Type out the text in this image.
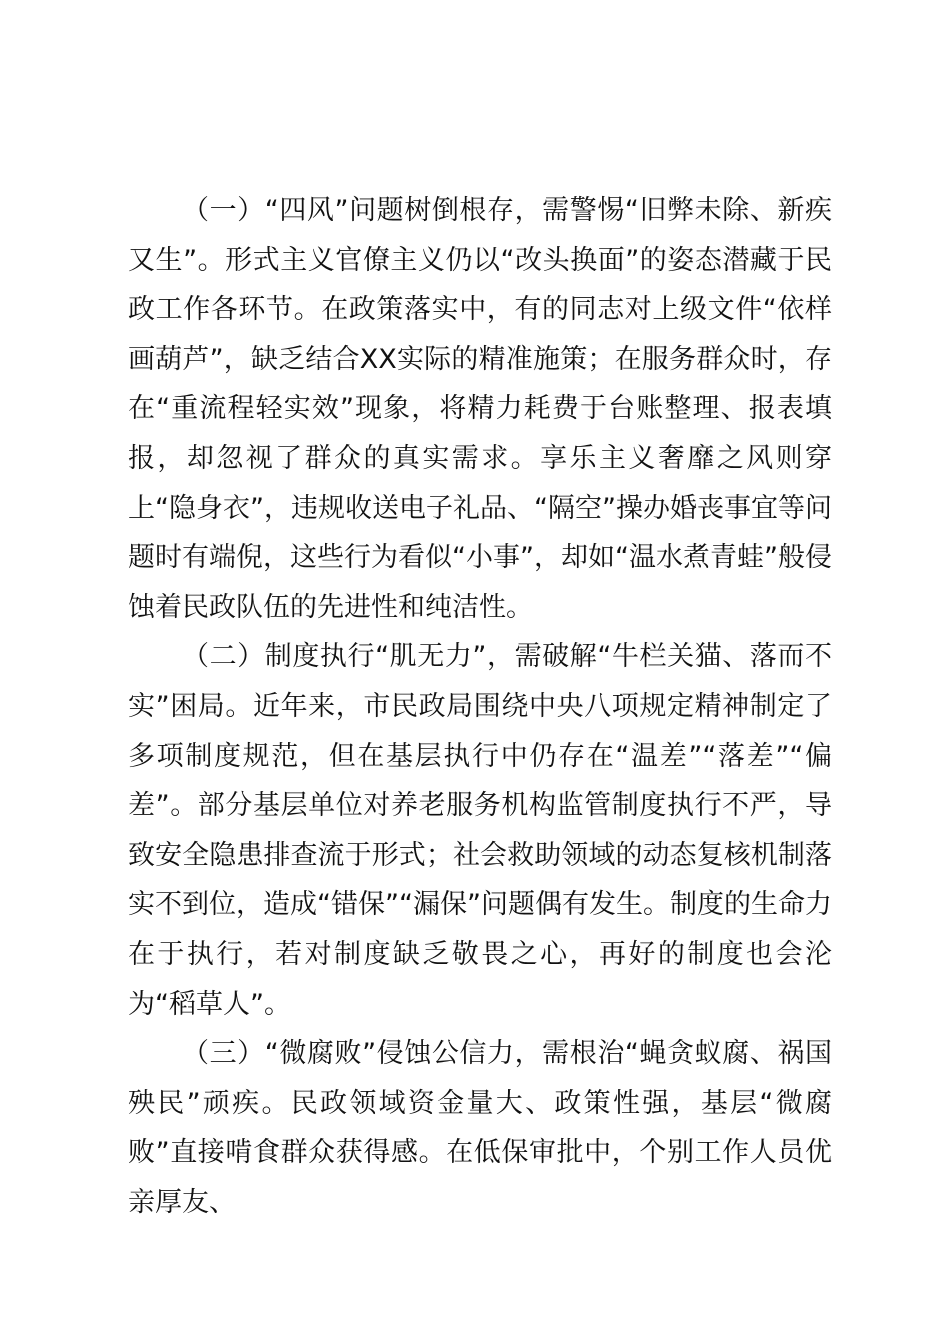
（一）“四风”问题树倒根存，需警惕“旧弊未除、新疾又生”。形式主义官僚主义仍以“改头换面”的姿态潜藏于民政工作各环节。在政策落实中，有的同志对上级文件“依样画葫芦”，缺乏结合XX实际的精准施策；在服务群众时，存在“重流程轻实效”现象，将精力耗费于台账整理、报表填报，却忽视了群众的真实需求。享乐主义奢靡之风则穿上“隐身衣”，违规收送电子礼品、“隔空”操办婚丧事宜等问题时有端倪，这些行为看似“小事”，却如“温水煮青蛙”般侵蚀着民政队伍的先进性和纯洁性。

（二）制度执行“肌无力”，需破解“牛栏关猫、落而不实”困局。近年来，市民政局围绕中央八项规定精神制定了多项制度规范，但在基层执行中仍存在“温差”“落差”“偏差”。部分基层单位对养老服务机构监管制度执行不严，导致安全隐患排查流于形式；社会救助领域的动态复核机制落实不到位，造成“错保”“漏保”问题偶有发生。制度的生命力在于执行，若对制度缺乏敬畏之心，再好的制度也会沦为“稻草人”。

（三）“微腐败”侵蚀公信力，需根治“蝇贪蚁腐、祸国殃民”顽疾。民政领域资金量大、政策性强，基层“微腐败”直接啃食群众获得感。在低保审批中，个别工作人员优亲厚友、
